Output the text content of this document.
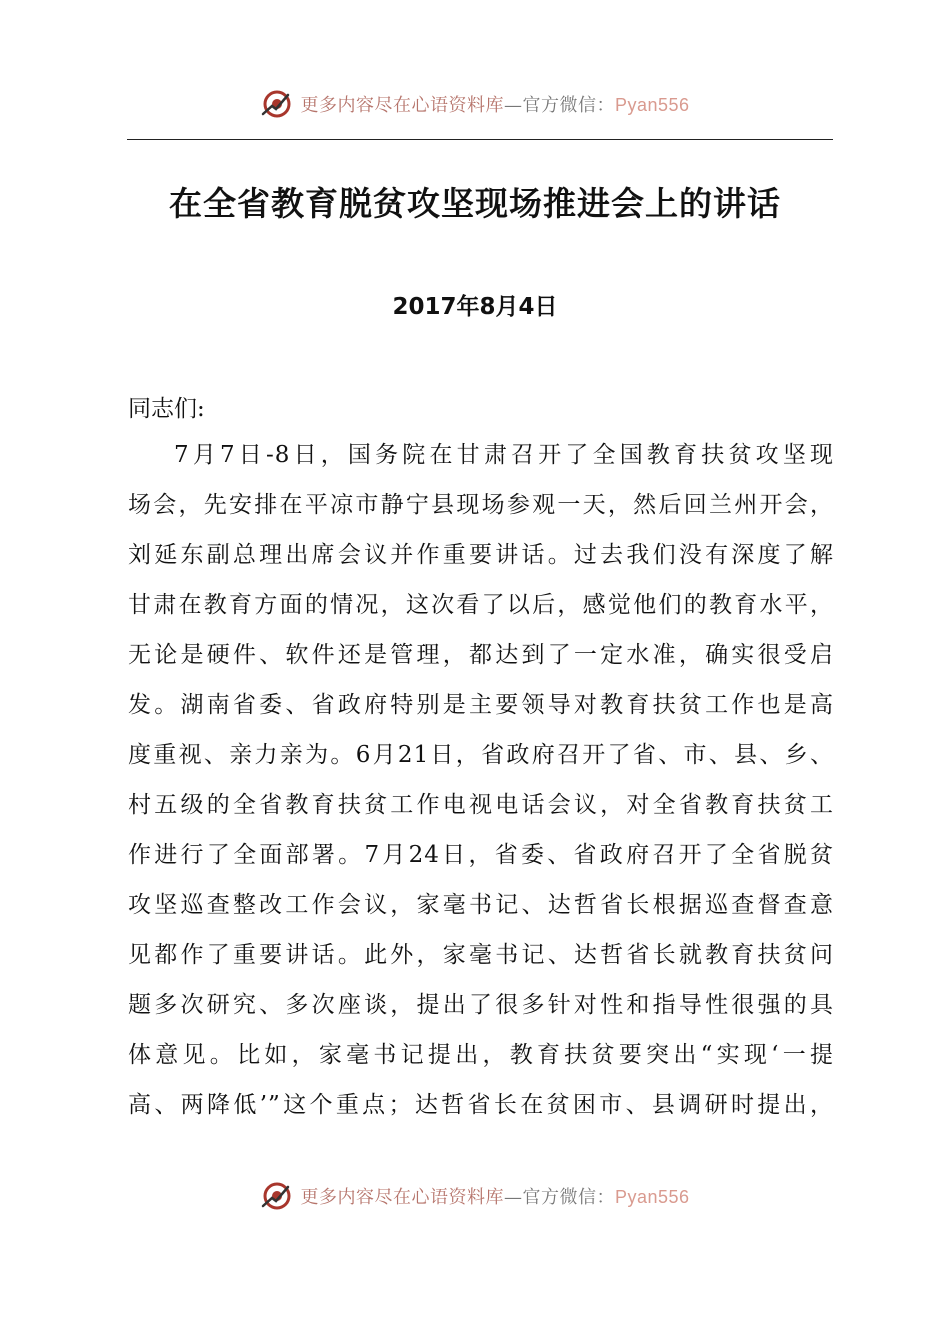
更多内容尽在心语资料库—官方微信：Pyan556
在全省教育脱贫攻坚现场推进会上的讲话
2017年8月4日
同志们:
7月7日-8日，国务院在甘肃召开了全国教育扶贫攻坚现
场会，先安排在平凉市静宁县现场参观一天，然后回兰州开会，
刘延东副总理出席会议并作重要讲话。过去我们没有深度了解
甘肃在教育方面的情况，这次看了以后，感觉他们的教育水平，
无论是硬件、软件还是管理，都达到了一定水准，确实很受启
发。湖南省委、省政府特别是主要领导对教育扶贫工作也是高
度重视、亲力亲为。6月21日，省政府召开了省、市、县、乡、
村五级的全省教育扶贫工作电视电话会议，对全省教育扶贫工
作进行了全面部署。7月24日，省委、省政府召开了全省脱贫
攻坚巡查整改工作会议，家毫书记、达哲省长根据巡查督查意
见都作了重要讲话。此外，家毫书记、达哲省长就教育扶贫问
题多次研究、多次座谈，提出了很多针对性和指导性很强的具
体意见。比如，家毫书记提出，教育扶贫要突出“实现‘一提
高、两降低’”这个重点；达哲省长在贫困市、县调研时提出，
更多内容尽在心语资料库—官方微信：Pyan556
